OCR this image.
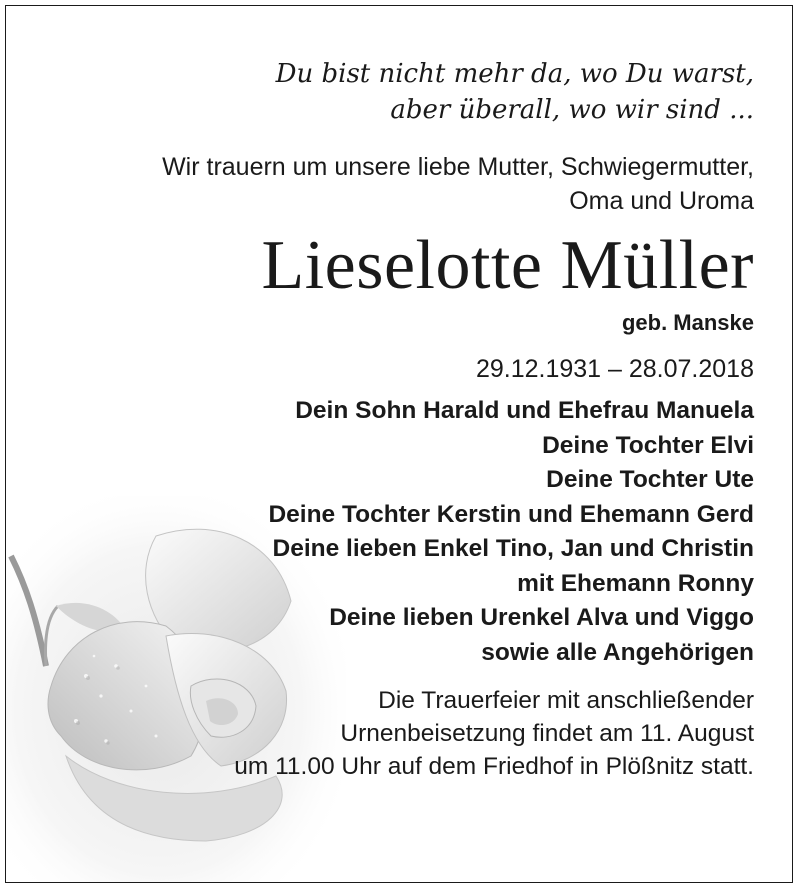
Du bist nicht mehr da, wo Du warst,
aber überall, wo wir sind ...
Wir trauern um unsere liebe Mutter, Schwiegermutter,
Oma und Uroma
Lieselotte Müller
geb. Manske
29.12.1931 – 28.07.2018
Dein Sohn Harald und Ehefrau Manuela
Deine Tochter Elvi
Deine Tochter Ute
Deine Tochter Kerstin und Ehemann Gerd
Deine lieben Enkel Tino, Jan und Christin
mit Ehemann Ronny
Deine lieben Urenkel Alva und Viggo
sowie alle Angehörigen
Die Trauerfeier mit anschließender
Urnenbeisetzung findet am 11. August
um 11.00 Uhr auf dem Friedhof in Plößnitz statt.
